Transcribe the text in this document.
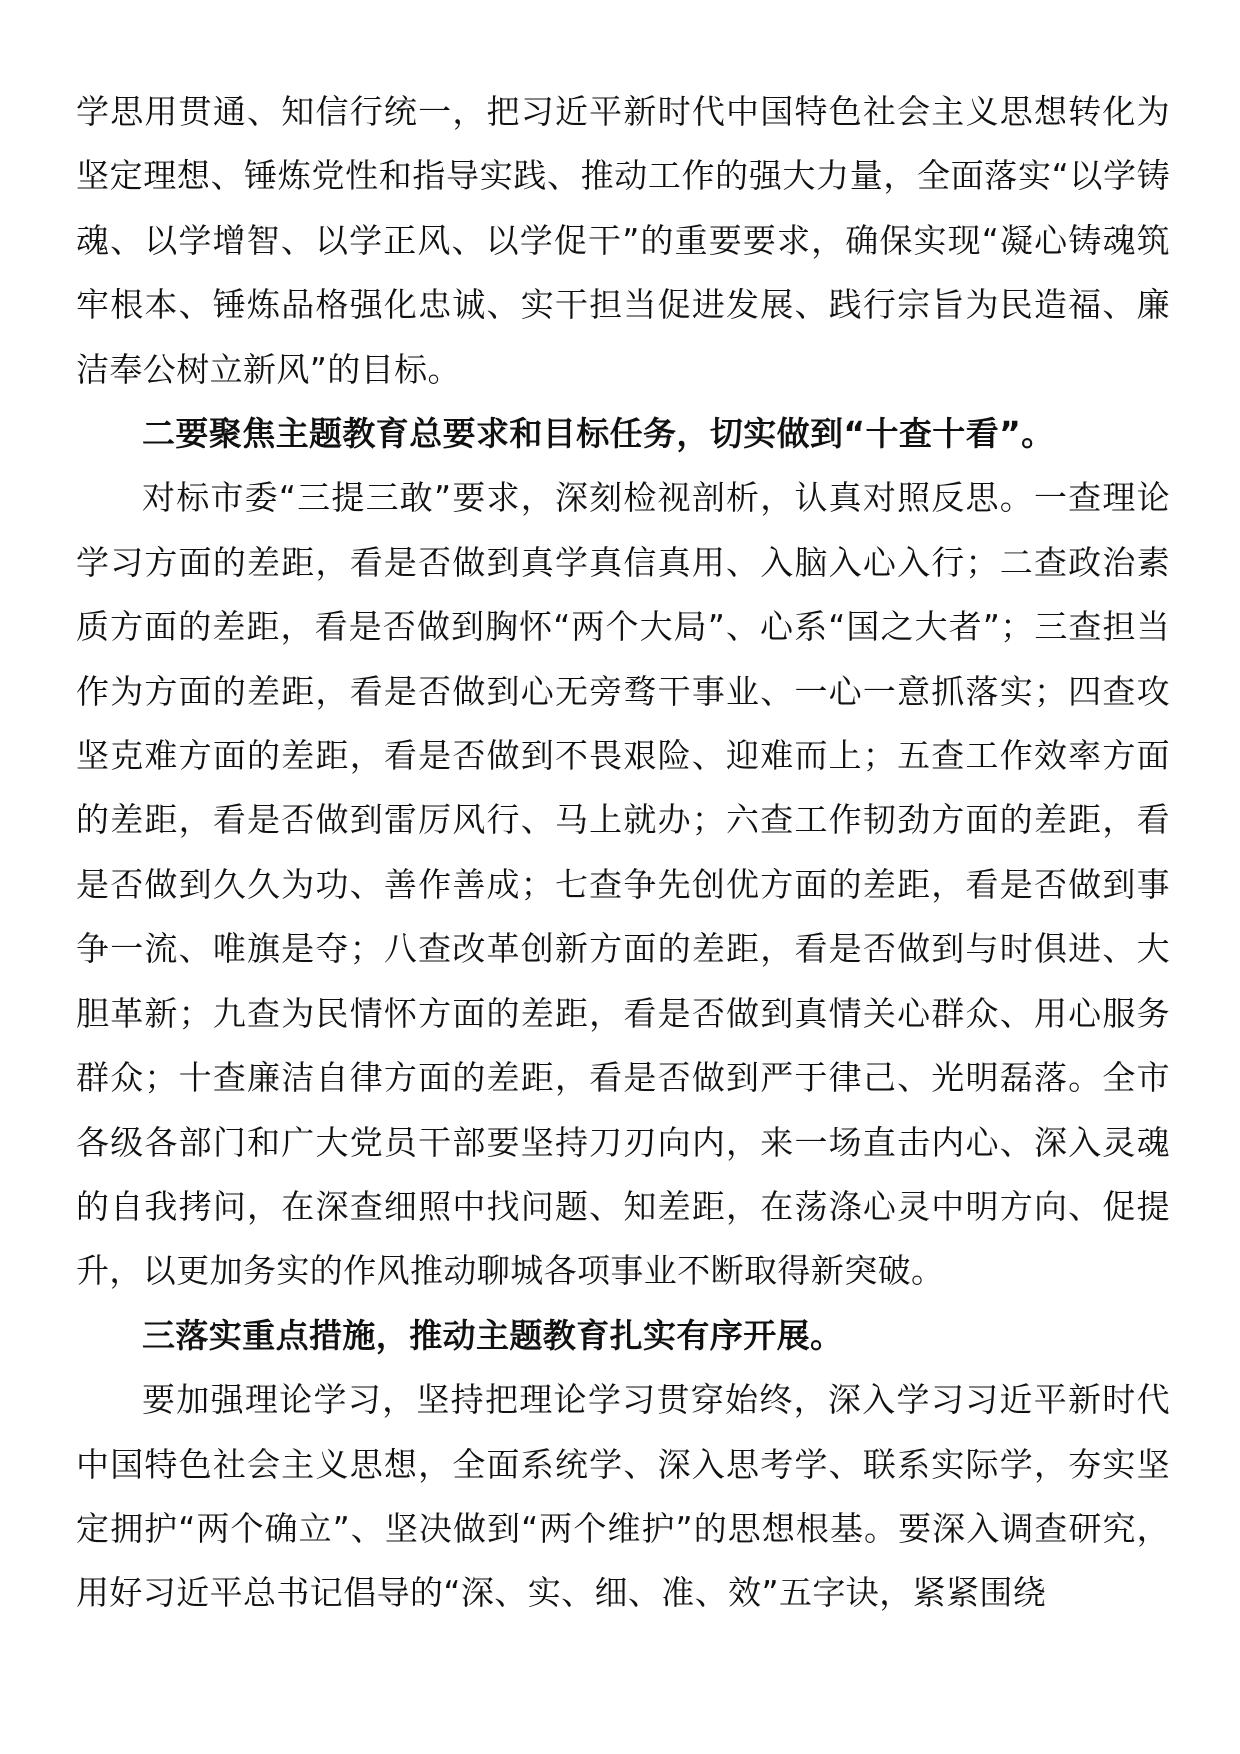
学思用贯通、知信行统一，把习近平新时代中国特色社会主义思想转化为坚定理想、锤炼党性和指导实践、推动工作的强大力量，全面落实“以学铸魂、以学增智、以学正风、以学促干”的重要要求，确保实现“凝心铸魂筑牢根本、锤炼品格强化忠诚、实干担当促进发展、践行宗旨为民造福、廉洁奉公树立新风”的目标。

二要聚焦主题教育总要求和目标任务，切实做到“十查十看”。

对标市委“三提三敢”要求，深刻检视剖析，认真对照反思。一查理论学习方面的差距，看是否做到真学真信真用、入脑入心入行；二查政治素质方面的差距，看是否做到胸怀“两个大局”、心系“国之大者”；三查担当作为方面的差距，看是否做到心无旁骛干事业、一心一意抓落实；四查攻坚克难方面的差距，看是否做到不畏艰险、迎难而上；五查工作效率方面的差距，看是否做到雷厉风行、马上就办；六查工作韧劲方面的差距，看是否做到久久为功、善作善成；七查争先创优方面的差距，看是否做到事争一流、唯旗是夺；八查改革创新方面的差距，看是否做到与时俱进、大胆革新；九查为民情怀方面的差距，看是否做到真情关心群众、用心服务群众；十查廉洁自律方面的差距，看是否做到严于律己、光明磊落。全市各级各部门和广大党员干部要坚持刀刃向内，来一场直击内心、深入灵魂的自我拷问，在深查细照中找问题、知差距，在荡涤心灵中明方向、促提升，以更加务实的作风推动聊城各项事业不断取得新突破。

三落实重点措施，推动主题教育扎实有序开展。

要加强理论学习，坚持把理论学习贯穿始终，深入学习习近平新时代中国特色社会主义思想，全面系统学、深入思考学、联系实际学，夯实坚定拥护“两个确立”、坚决做到“两个维护”的思想根基。要深入调查研究，用好习近平总书记倡导的“深、实、细、准、效”五字诀，紧紧围绕
